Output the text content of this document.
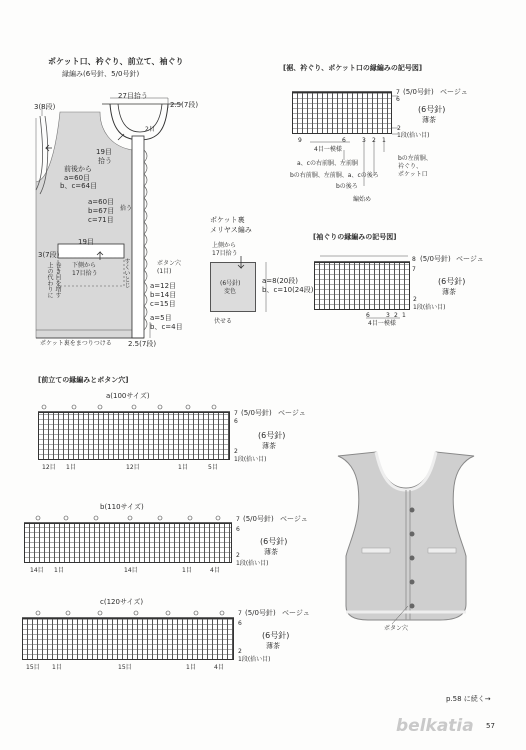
ポケット口、衿ぐり、前立て、袖ぐり
縁編み(6号針、5/0号針)
3(8段)
27目拾う
2.5(7段)
2目
19目
拾う
前後から
a=60目
b、c=64目
a=60目
b=67目
c=71目
拾う
19目
3(7段)
下側から
17目拾う
上の代わりに 巻き目を増す	ボタン穴
(1目)
すくいとじ	a=12目
b=14目
c=15目
a=5目
b、c=4目
ポケット裏をまつりつける 2.5(7段)
ポケット裏
メリヤス編み
上側から
17目拾う
(6号針)
変色
a=8(20段)
b、c=10(24段)
伏せる
[裾、衿ぐり、ポケット口の縁編みの記号図]
7 (5/0号針) ベージュ
6
(6号針)
薄茶
2
1段(拾い目)
9	6	3 2 1
4目一模様
a、cの右前胴、左前胴
bの右前胴、左前胴、a、cの後ろ
bの後ろ
bの左前胴、
衿ぐり、
ポケット口
編始め
[袖ぐりの縁編みの記号図]
8 (5/0号針) ベージュ
7
(6号針)
薄茶
2
1段(拾い目)
6	3 2 1
4目一模様
[前立ての縁編みとボタン穴]
a(100サイズ)
7 (5/0号針) ベージュ
6
(6号針)
薄茶
2
1段(拾い目)
12目 1目	12目	1目	5目
b(110サイズ)
7 (5/0号針) ベージュ
6
(6号針)
薄茶
2
1段(拾い目)
14目 1目	14目	1目	4目
c(120サイズ)
7 (5/0号針) ベージュ
6
(6号針)
薄茶
2
1段(拾い目)
15目 1目	15目	1目	4目
ボタン穴
p.58 に続く→
belkatia 57
